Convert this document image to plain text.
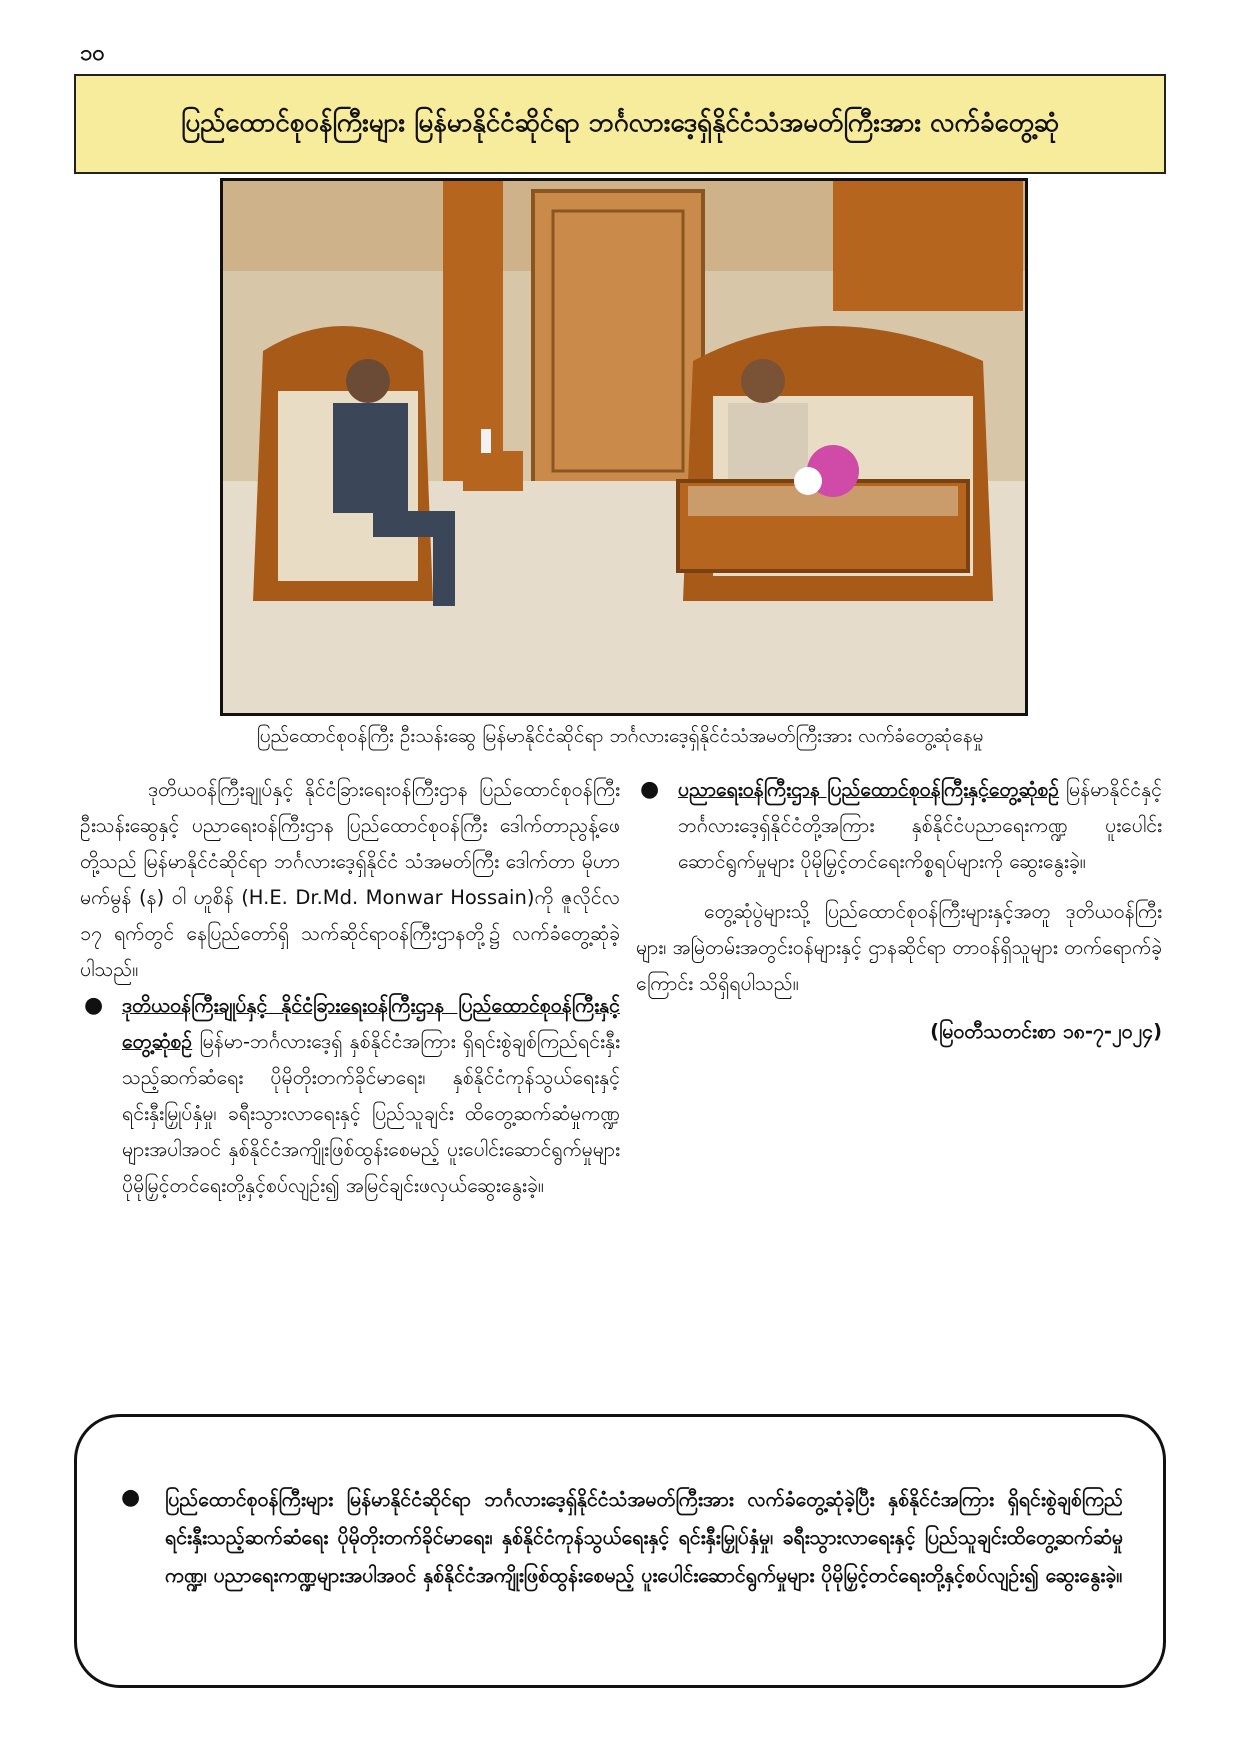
၁၀
ပြည်ထောင်စုဝန်ကြီးများ မြန်မာနိုင်ငံဆိုင်ရာ ဘင်္ဂလားဒေ့ရှ်နိုင်ငံသံအမတ်ကြီးအား လက်ခံတွေ့ဆုံ
ပြည်ထောင်စုဝန်ကြီး ဦးသန်းဆွေ မြန်မာနိုင်ငံဆိုင်ရာ ဘင်္ဂလားဒေ့ရှ်နိုင်ငံသံအမတ်ကြီးအား လက်ခံတွေ့ဆုံနေမှု

ဒုတိယဝန်ကြီးချုပ်နှင့် နိုင်ငံခြားရေးဝန်ကြီးဌာန ပြည်ထောင်စုဝန်ကြီး ဦးသန်းဆွေနှင့် ပညာရေးဝန်ကြီးဌာန ပြည်ထောင်စုဝန်ကြီး ဒေါက်တာညွန့်ဖေတို့သည် မြန်မာနိုင်ငံဆိုင်ရာ ဘင်္ဂလားဒေ့ရှ်နိုင်ငံ သံအမတ်ကြီး ဒေါက်တာ မိုဟာမက်မွန် (န) ဝါ ဟူစိန် (H.E. Dr.Md. Monwar Hossain)ကို ဇူလိုင်လ ၁၇ ရက်တွင် နေပြည်တော်ရှိ သက်ဆိုင်ရာဝန်ကြီးဌာနတို့၌ လက်ခံတွေ့ဆုံခဲ့ပါသည်။

● ဒုတိယဝန်ကြီးချုပ်နှင့် နိုင်ငံခြားရေးဝန်ကြီးဌာန ပြည်ထောင်စုဝန်ကြီးနှင့်တွေ့ဆုံစဉ် မြန်မာ-ဘင်္ဂလားဒေ့ရှ် နှစ်နိုင်ငံအကြား ရှိရင်းစွဲချစ်ကြည်ရင်းနှီးသည့်ဆက်ဆံရေး ပိုမိုတိုးတက်ခိုင်မာရေး၊ နှစ်နိုင်ငံကုန်သွယ်ရေးနှင့် ရင်းနှီးမြှုပ်နှံမှု၊ ခရီးသွားလာရေးနှင့် ပြည်သူချင်း ထိတွေ့ဆက်ဆံမှုကဏ္ဍများအပါအဝင် နှစ်နိုင်ငံအကျိုးဖြစ်ထွန်းစေမည့် ပူးပေါင်းဆောင်ရွက်မှုများ ပိုမိုမြှင့်တင်ရေးတို့နှင့်စပ်လျဉ်း၍ အမြင်ချင်းဖလှယ်ဆွေးနွေးခဲ့။

● ပညာရေးဝန်ကြီးဌာန ပြည်ထောင်စုဝန်ကြီးနှင့်တွေ့ဆုံစဉ် မြန်မာနိုင်ငံနှင့် ဘင်္ဂလားဒေ့ရှ်နိုင်ငံတို့အကြား နှစ်နိုင်ငံပညာရေးကဏ္ဍ ပူးပေါင်းဆောင်ရွက်မှုများ ပိုမိုမြှင့်တင်ရေးကိစ္စရပ်များကို ဆွေးနွေးခဲ့။

တွေ့ဆုံပွဲများသို့ ပြည်ထောင်စုဝန်ကြီးများနှင့်အတူ ဒုတိယဝန်ကြီးများ၊ အမြဲတမ်းအတွင်းဝန်များနှင့် ဌာနဆိုင်ရာ တာဝန်ရှိသူများ တက်ရောက်ခဲ့ကြောင်း သိရှိရပါသည်။

(မြဝတီသတင်းစာ ၁၈-၇-၂၀၂၄)

● ပြည်ထောင်စုဝန်ကြီးများ မြန်မာနိုင်ငံဆိုင်ရာ ဘင်္ဂလားဒေ့ရှ်နိုင်ငံသံအမတ်ကြီးအား လက်ခံတွေ့ဆုံခဲ့ပြီး နှစ်နိုင်ငံအကြား ရှိရင်းစွဲချစ်ကြည်ရင်းနှီးသည့်ဆက်ဆံရေး ပိုမိုတိုးတက်ခိုင်မာရေး၊ နှစ်နိုင်ငံကုန်သွယ်ရေးနှင့် ရင်းနှီးမြှုပ်နှံမှု၊ ခရီးသွားလာရေးနှင့် ပြည်သူချင်းထိတွေ့ဆက်ဆံမှုကဏ္ဍ၊ ပညာရေးကဏ္ဍများအပါအဝင် နှစ်နိုင်ငံအကျိုးဖြစ်ထွန်းစေမည့် ပူးပေါင်းဆောင်ရွက်မှုများ ပိုမိုမြှင့်တင်ရေးတို့နှင့်စပ်လျဉ်း၍ ဆွေးနွေးခဲ့။
